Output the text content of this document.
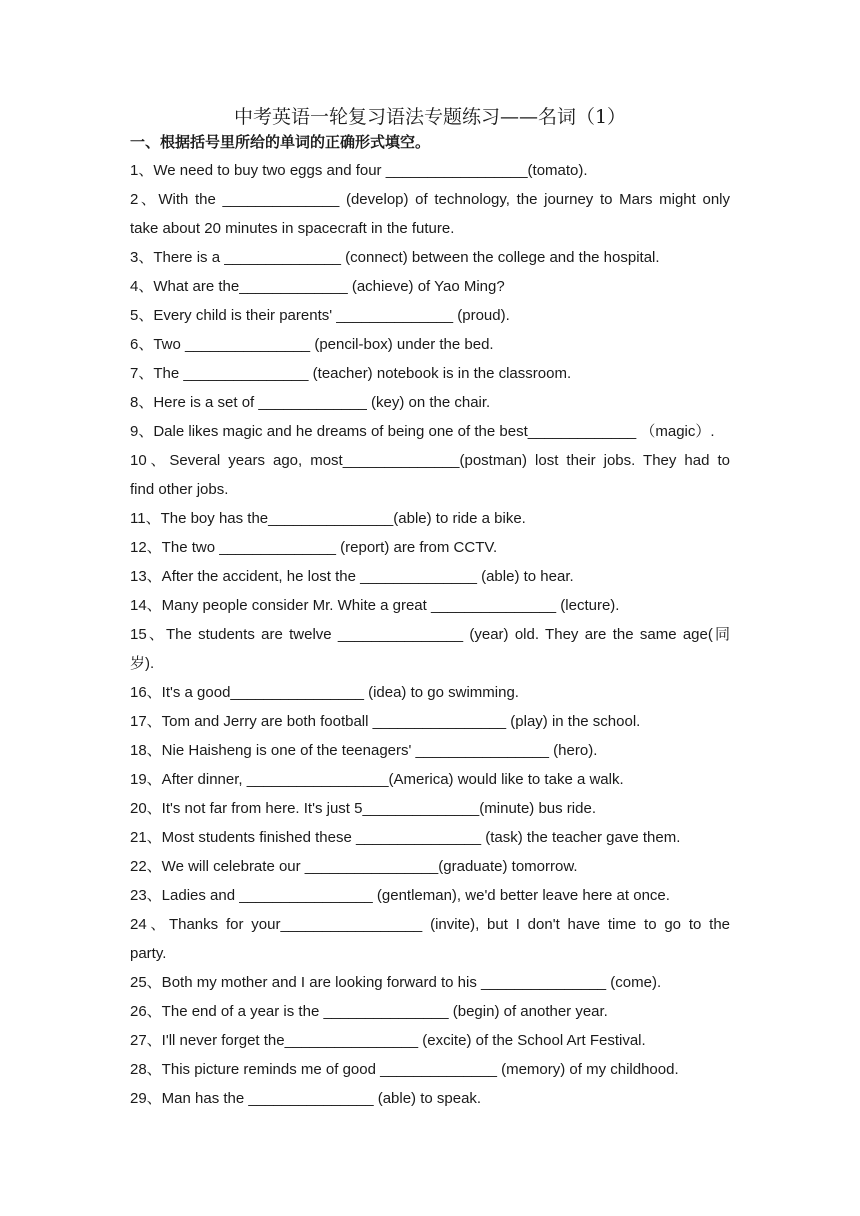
中考英语一轮复习语法专题练习——名词（1）
一、根据括号里所给的单词的正确形式填空。
1、We need to buy two eggs and four _________________(tomato).
2、With the ______________ (develop) of technology, the journey to Mars might only
take about 20 minutes in spacecraft in the future.
3、There is a ______________ (connect) between the college and the hospital.
4、What are the_____________ (achieve) of Yao Ming?
5、Every child is their parents' ______________ (proud).
6、Two _______________ (pencil-box) under the bed.
7、The _______________ (teacher) notebook is in the classroom.
8、Here is a set of _____________ (key) on the chair.
9、Dale likes magic and he dreams of being one of the best_____________ （magic）.
10、Several years ago, most______________(postman) lost their jobs. They had to
find other jobs.
11、The boy has the_______________(able) to ride a bike.
12、The two ______________ (report) are from CCTV.
13、After the accident, he lost the ______________ (able) to hear.
14、Many people consider Mr. White a great _______________ (lecture).
15、The students are twelve _______________ (year) old. They are the same age(同
岁).
16、It's a good________________ (idea) to go swimming.
17、Tom and Jerry are both football ________________ (play) in the school.
18、Nie Haisheng is one of the teenagers' ________________ (hero).
19、After dinner, _________________(America) would like to take a walk.
20、It's not far from here. It's just 5______________(minute) bus ride.
21、Most students finished these _______________ (task) the teacher gave them.
22、We will celebrate our ________________(graduate) tomorrow.
23、Ladies and ________________ (gentleman), we'd better leave here at once.
24、Thanks for your_________________ (invite), but I don't have time to go to the
party.
25、Both my mother and I are looking forward to his _______________ (come).
26、The end of a year is the _______________ (begin) of another year.
27、I'll never forget the________________ (excite) of the School Art Festival.
28、This picture reminds me of good ______________ (memory) of my childhood.
29、Man has the _______________ (able) to speak.
